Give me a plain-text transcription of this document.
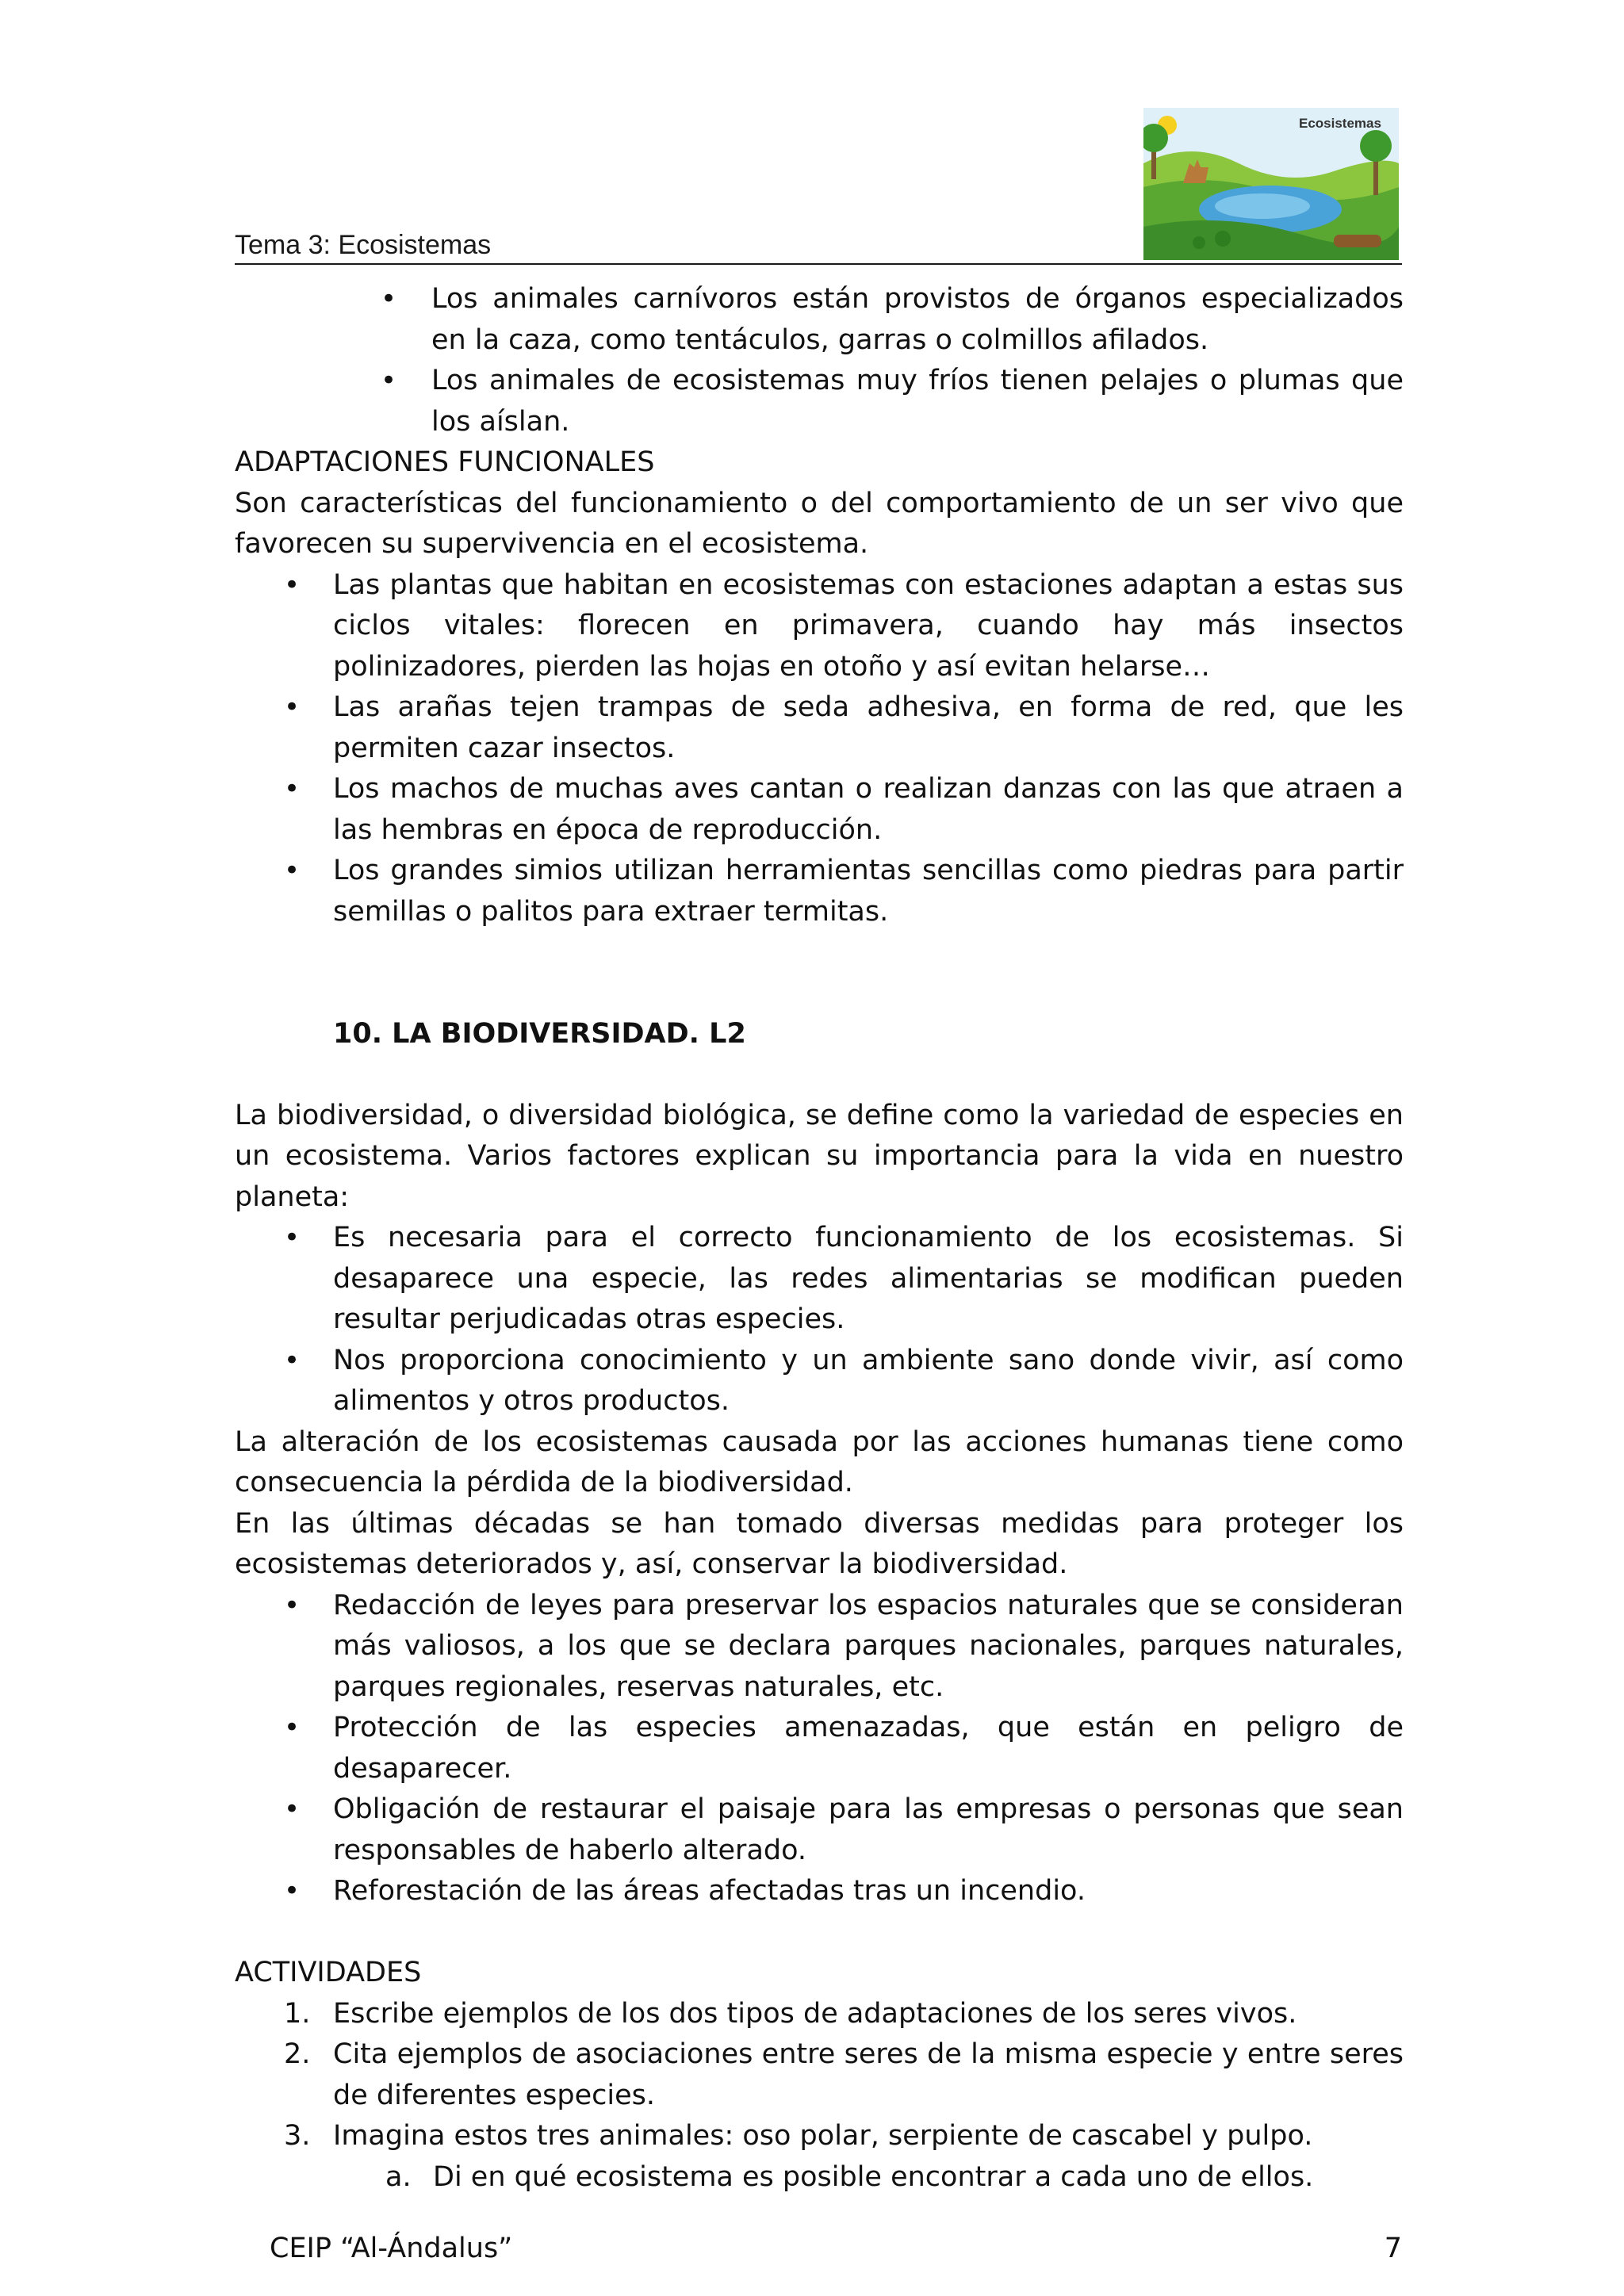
Tema 3: Ecosistemas
Ecosistemas
• Los animales carnívoros están provistos de órganos especializados en la caza, como tentáculos, garras o colmillos afilados.
• Los animales de ecosistemas muy fríos tienen pelajes o plumas que los aíslan.

ADAPTACIONES FUNCIONALES

Son características del funcionamiento o del comportamiento de un ser vivo que favorecen su supervivencia en el ecosistema.

• Las plantas que habitan en ecosistemas con estaciones adaptan a estas sus ciclos vitales: florecen en primavera, cuando hay más insectos polinizadores, pierden las hojas en otoño y así evitan helarse…
• Las arañas tejen trampas de seda adhesiva, en forma de red, que les permiten cazar insectos.
• Los machos de muchas aves cantan o realizan danzas con las que atraen a las hembras en época de reproducción.
• Los grandes simios utilizan herramientas sencillas como piedras para partir semillas o palitos para extraer termitas.

10. LA BIODIVERSIDAD. L2

La biodiversidad, o diversidad biológica, se define como la variedad de especies en un ecosistema. Varios factores explican su importancia para la vida en nuestro planeta:

• Es necesaria para el correcto funcionamiento de los ecosistemas. Si desaparece una especie, las redes alimentarias se modifican pueden resultar perjudicadas otras especies.
• Nos proporciona conocimiento y un ambiente sano donde vivir, así como alimentos y otros productos.

La alteración de los ecosistemas causada por las acciones humanas tiene como consecuencia la pérdida de la biodiversidad.

En las últimas décadas se han tomado diversas medidas para proteger los ecosistemas deteriorados y, así, conservar la biodiversidad.

• Redacción de leyes para preservar los espacios naturales que se consideran más valiosos, a los que se declara parques nacionales, parques naturales, parques regionales, reservas naturales, etc.
• Protección de las especies amenazadas, que están en peligro de desaparecer.
• Obligación de restaurar el paisaje para las empresas o personas que sean responsables de haberlo alterado.
• Reforestación de las áreas afectadas tras un incendio.

ACTIVIDADES

1. Escribe ejemplos de los dos tipos de adaptaciones de los seres vivos.
2. Cita ejemplos de asociaciones entre seres de la misma especie y entre seres de diferentes especies.
3. Imagina estos tres animales: oso polar, serpiente de cascabel y pulpo.
a. Di en qué ecosistema es posible encontrar a cada uno de ellos.
CEIP “Al-Ándalus”	7
